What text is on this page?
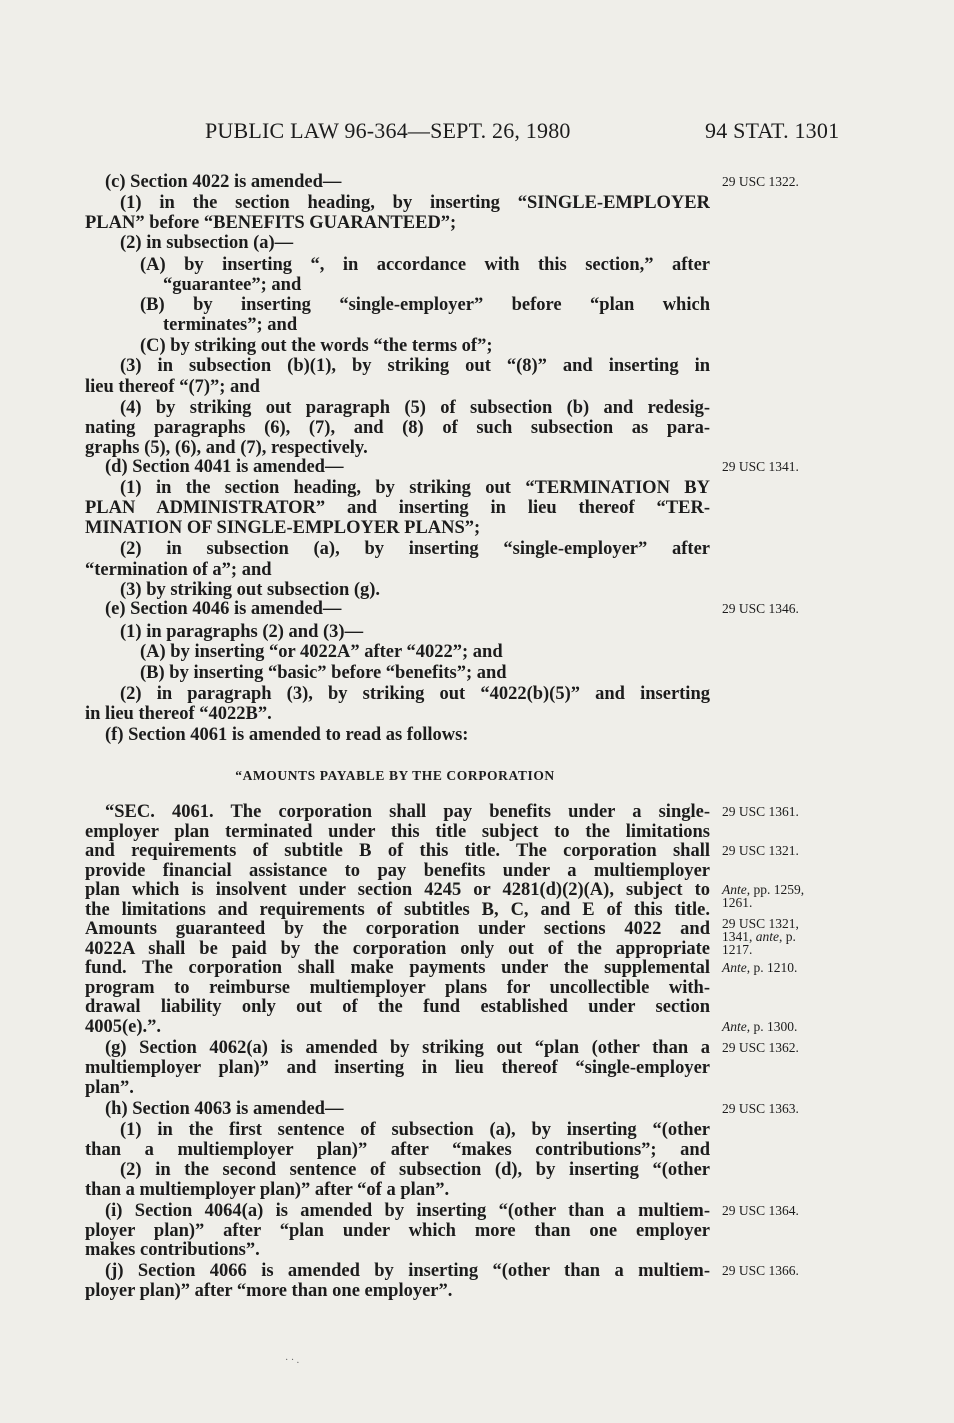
PUBLIC LAW 96-364—SEPT. 26, 1980	94 STAT. 1301
(c) Section 4022 is amended—
(1) in the section heading, by inserting “SINGLE-EMPLOYER
PLAN” before “BENEFITS GUARANTEED”;
(2) in subsection (a)—
(A) by inserting “, in accordance with this section,” after
“guarantee”; and
(B) by inserting “single-employer” before “plan which
terminates”; and
(C) by striking out the words “the terms of”;
(3) in subsection (b)(1), by striking out “(8)” and inserting in
lieu thereof “(7)”; and
(4) by striking out paragraph (5) of subsection (b) and redesig-
nating paragraphs (6), (7), and (8) of such subsection as para-
graphs (5), (6), and (7), respectively.
(d) Section 4041 is amended—
(1) in the section heading, by striking out “TERMINATION BY
PLAN ADMINISTRATOR” and inserting in lieu thereof “TER-
MINATION OF SINGLE-EMPLOYER PLANS”;
(2) in subsection (a), by inserting “single-employer” after
“termination of a”; and
(3) by striking out subsection (g).
(e) Section 4046 is amended—
(1) in paragraphs (2) and (3)—
(A) by inserting “or 4022A” after “4022”; and
(B) by inserting “basic” before “benefits”; and
(2) in paragraph (3), by striking out “4022(b)(5)” and inserting
in lieu thereof “4022B”.
(f) Section 4061 is amended to read as follows:
“AMOUNTS PAYABLE BY THE CORPORATION
“SEC. 4061. The corporation shall pay benefits under a single-
employer plan terminated under this title subject to the limitations
and requirements of subtitle B of this title. The corporation shall
provide financial assistance to pay benefits under a multiemployer
plan which is insolvent under section 4245 or 4281(d)(2)(A), subject to
the limitations and requirements of subtitles B, C, and E of this title.
Amounts guaranteed by the corporation under sections 4022 and
4022A shall be paid by the corporation only out of the appropriate
fund. The corporation shall make payments under the supplemental
program to reimburse multiemployer plans for uncollectible with-
drawal liability only out of the fund established under section
4005(e).”.
(g) Section 4062(a) is amended by striking out “plan (other than a
multiemployer plan)” and inserting in lieu thereof “single-employer
plan”.
(h) Section 4063 is amended—
(1) in the first sentence of subsection (a), by inserting “(other
than a multiemployer plan)” after “makes contributions”; and
(2) in the second sentence of subsection (d), by inserting “(other
than a multiemployer plan)” after “of a plan”.
(i) Section 4064(a) is amended by inserting “(other than a multiem-
ployer plan)” after “plan under which more than one employer
makes contributions”.
(j) Section 4066 is amended by inserting “(other than a multiem-
ployer plan)” after “more than one employer”.
29 USC 1322.
29 USC 1341.
29 USC 1346.
29 USC 1361.
29 USC 1321.
Ante, pp. 1259,
1261.
29 USC 1321,
1341, ante, p.
1217.
Ante, p. 1210.
Ante, p. 1300.
29 USC 1362.
29 USC 1363.
29 USC 1364.
29 USC 1366.
· · .
